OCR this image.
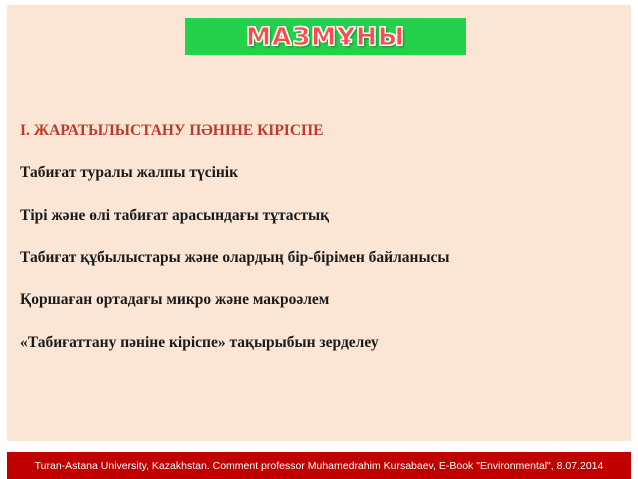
МАЗМҰНЫ
І. ЖАРАТЫЛЫСТАНУ ПӘНІНЕ КІРІСПЕ
Табиғат туралы жалпы түсінік
Тірі және өлі табиғат арасындағы тұтастық
Табиғат құбылыстары және олардың бір-бірімен байланысы
Қоршаған ортадағы микро және макроәлем
«Табиғаттану пәніне кіріспе» тақырыбын зерделеу
Turan-Astana University, Kazakhstan. Comment professor Muhamedrahim Kursabaev, E-Book "Environmental", 8.07.2014
